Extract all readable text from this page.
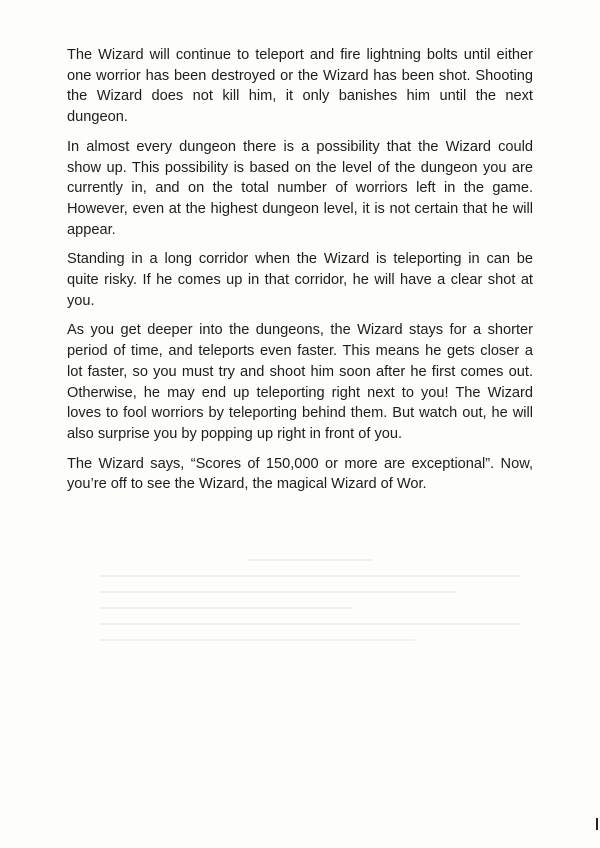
The Wizard will continue to teleport and fire lightning bolts until either one worrior has been destroyed or the Wizard has been shot. Shooting the Wizard does not kill him, it only banishes him until the next dungeon.

In almost every dungeon there is a possibility that the Wizard could show up. This possibility is based on the level of the dungeon you are currently in, and on the total number of worriors left in the game. However, even at the highest dungeon level, it is not certain that he will appear.

Standing in a long corridor when the Wizard is teleporting in can be quite risky. If he comes up in that corridor, he will have a clear shot at you.

As you get deeper into the dungeons, the Wizard stays for a shorter period of time, and teleports even faster. This means he gets closer a lot faster, so you must try and shoot him soon after he first comes out. Otherwise, he may end up teleporting right next to you! The Wizard loves to fool worriors by teleporting behind them. But watch out, he will also surprise you by popping up right in front of you.

The Wizard says, “Scores of 150,000 or more are exceptional”. Now, you’re off to see the Wizard, the magical Wizard of Wor.
